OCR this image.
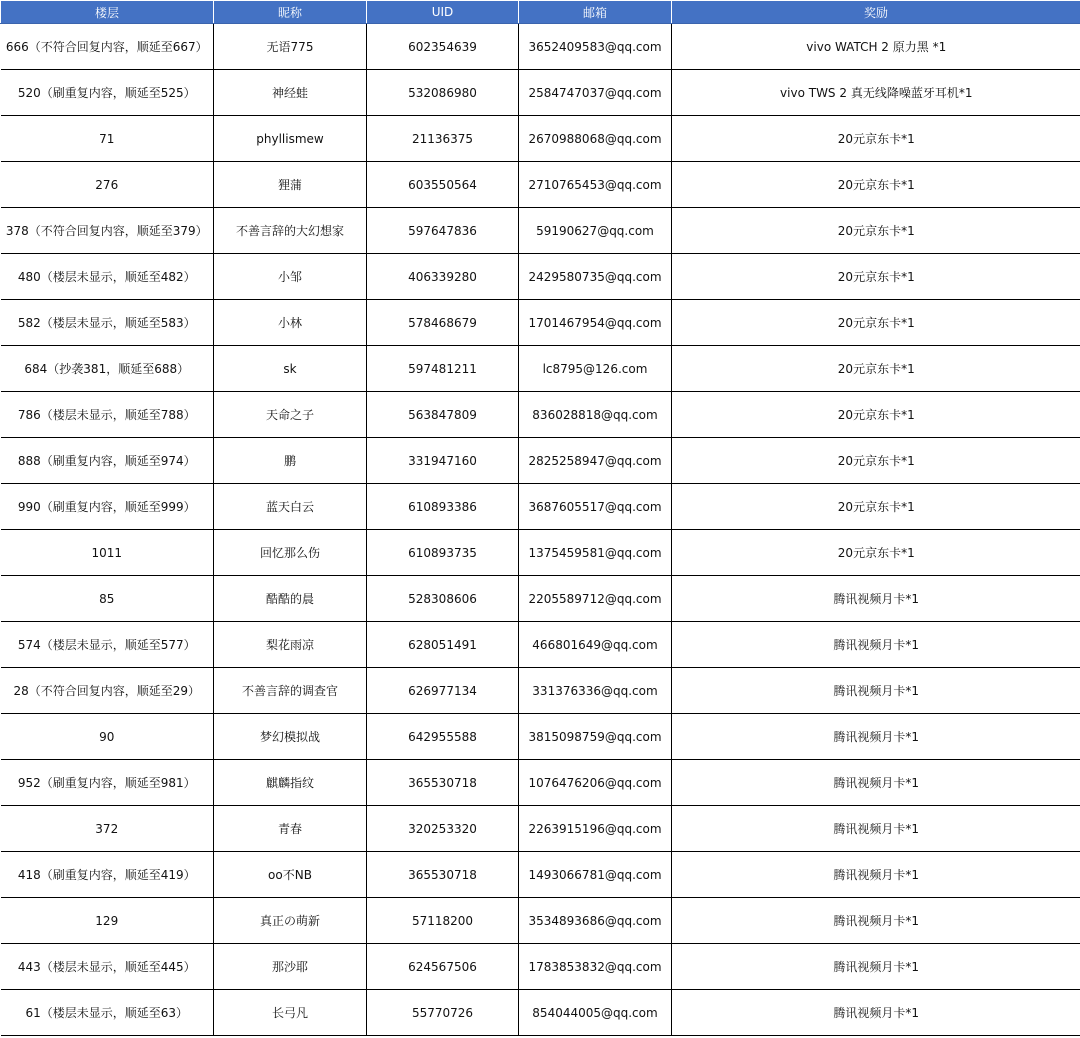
楼层	昵称	UID	邮箱	奖励
666（不符合回复内容，顺延至667）	无语775	602354639	3652409583@qq.com	vivo WATCH 2 原力黑 *1
520（刷重复内容，顺延至525）	神经蛙	532086980	2584747037@qq.com	vivo TWS 2 真无线降噪蓝牙耳机*1
71	phyllismew	21136375	2670988068@qq.com	20元京东卡*1
276	狸蒲	603550564	2710765453@qq.com	20元京东卡*1
378（不符合回复内容，顺延至379）	不善言辞的大幻想家	597647836	59190627@qq.com	20元京东卡*1
480（楼层未显示，顺延至482）	小邹	406339280	2429580735@qq.com	20元京东卡*1
582（楼层未显示，顺延至583）	小林	578468679	1701467954@qq.com	20元京东卡*1
684（抄袭381，顺延至688）	sk	597481211	lc8795@126.com	20元京东卡*1
786（楼层未显示，顺延至788）	天命之子	563847809	836028818@qq.com	20元京东卡*1
888（刷重复内容，顺延至974）	鹏	331947160	2825258947@qq.com	20元京东卡*1
990（刷重复内容，顺延至999）	蓝天白云	610893386	3687605517@qq.com	20元京东卡*1
1011	回忆那么伤	610893735	1375459581@qq.com	20元京东卡*1
85	酷酷的晨	528308606	2205589712@qq.com	腾讯视频月卡*1
574（楼层未显示，顺延至577）	梨花雨凉	628051491	466801649@qq.com	腾讯视频月卡*1
28（不符合回复内容，顺延至29）	不善言辞的调查官	626977134	331376336@qq.com	腾讯视频月卡*1
90	梦幻模拟战	642955588	3815098759@qq.com	腾讯视频月卡*1
952（刷重复内容，顺延至981）	麒麟指纹	365530718	1076476206@qq.com	腾讯视频月卡*1
372	青春	320253320	2263915196@qq.com	腾讯视频月卡*1
418（刷重复内容，顺延至419）	oo不NB	365530718	1493066781@qq.com	腾讯视频月卡*1
129	真正の萌新	57118200	3534893686@qq.com	腾讯视频月卡*1
443（楼层未显示，顺延至445）	那沙耶	624567506	1783853832@qq.com	腾讯视频月卡*1
61（楼层未显示，顺延至63）	长弓凡	55770726	854044005@qq.com	腾讯视频月卡*1
